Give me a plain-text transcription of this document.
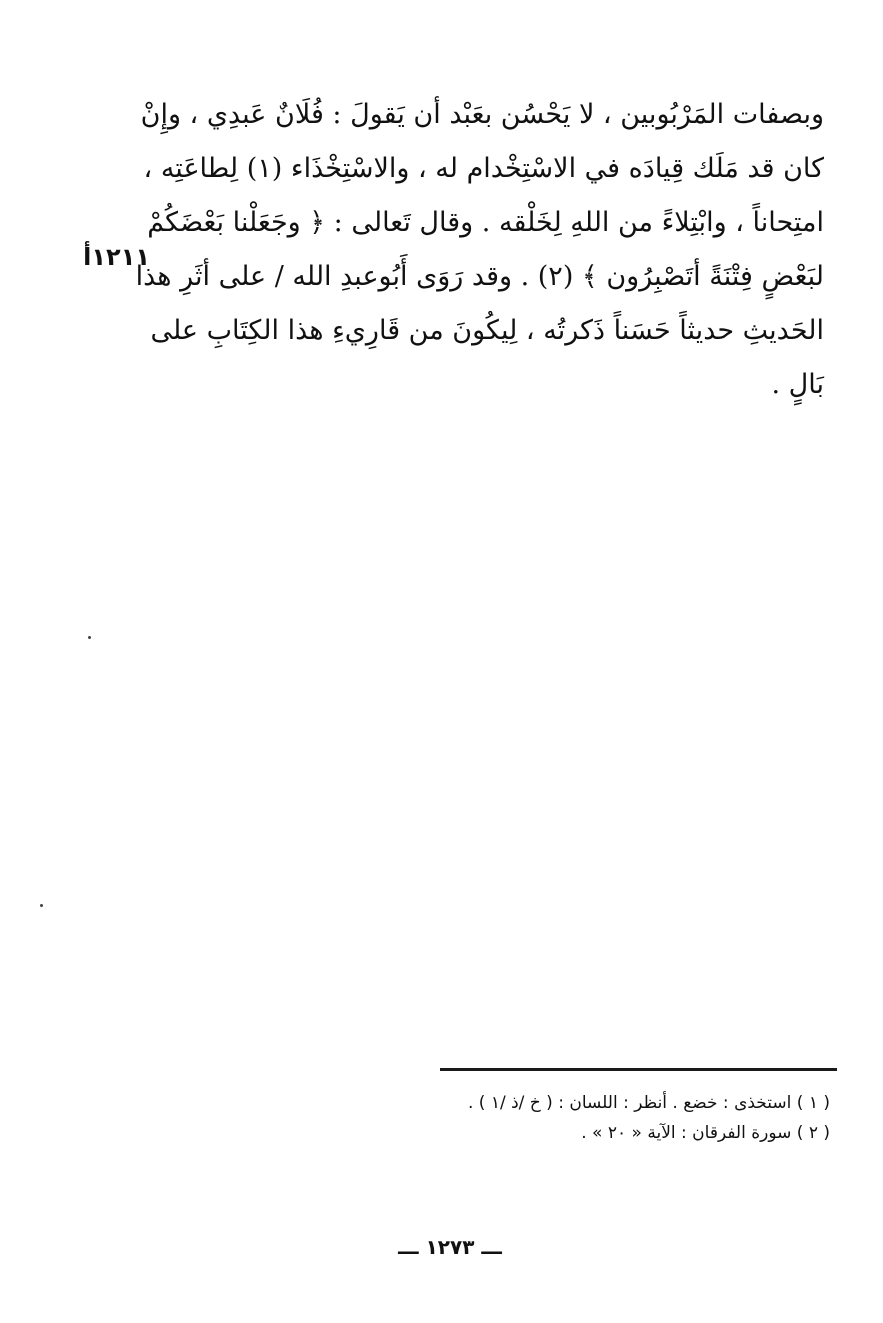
وبصفات المَرْبُوبين ، لا يَحْسُن بعَبْد أن يَقولَ : فُلَانٌ عَبدِي ، وإِنْ
كان قد مَلَك قِيادَه في الاسْتِخْدام له ، والاسْتِخْذَاء (١) لِطاعَتِه ،
امتِحاناً ، وابْتِلاءً من اللهِ لِخَلْقه . وقال تَعالى : ﴿ وجَعَلْنا بَعْضَكُمْ
لبَعْضٍ فِتْنَةً أتَصْبِرُون ﴾ (٢) . وقد رَوَى أَبُوعبدِ الله / على أثَرِ هذا
الحَديثِ حديثاً حَسَناً ذَكرتُه ، لِيكُونَ من قَارِيءِ هذا الكِتَابِ على
بَالٍ .
١٢١١أ
( ١ ) استخذى : خضع . أنظر : اللسان : ( خ /ذ /١ ) .
( ٢ ) سورة الفرقان : الآية « ٢٠ » .
ـــ ١٢٧٣ ـــ
